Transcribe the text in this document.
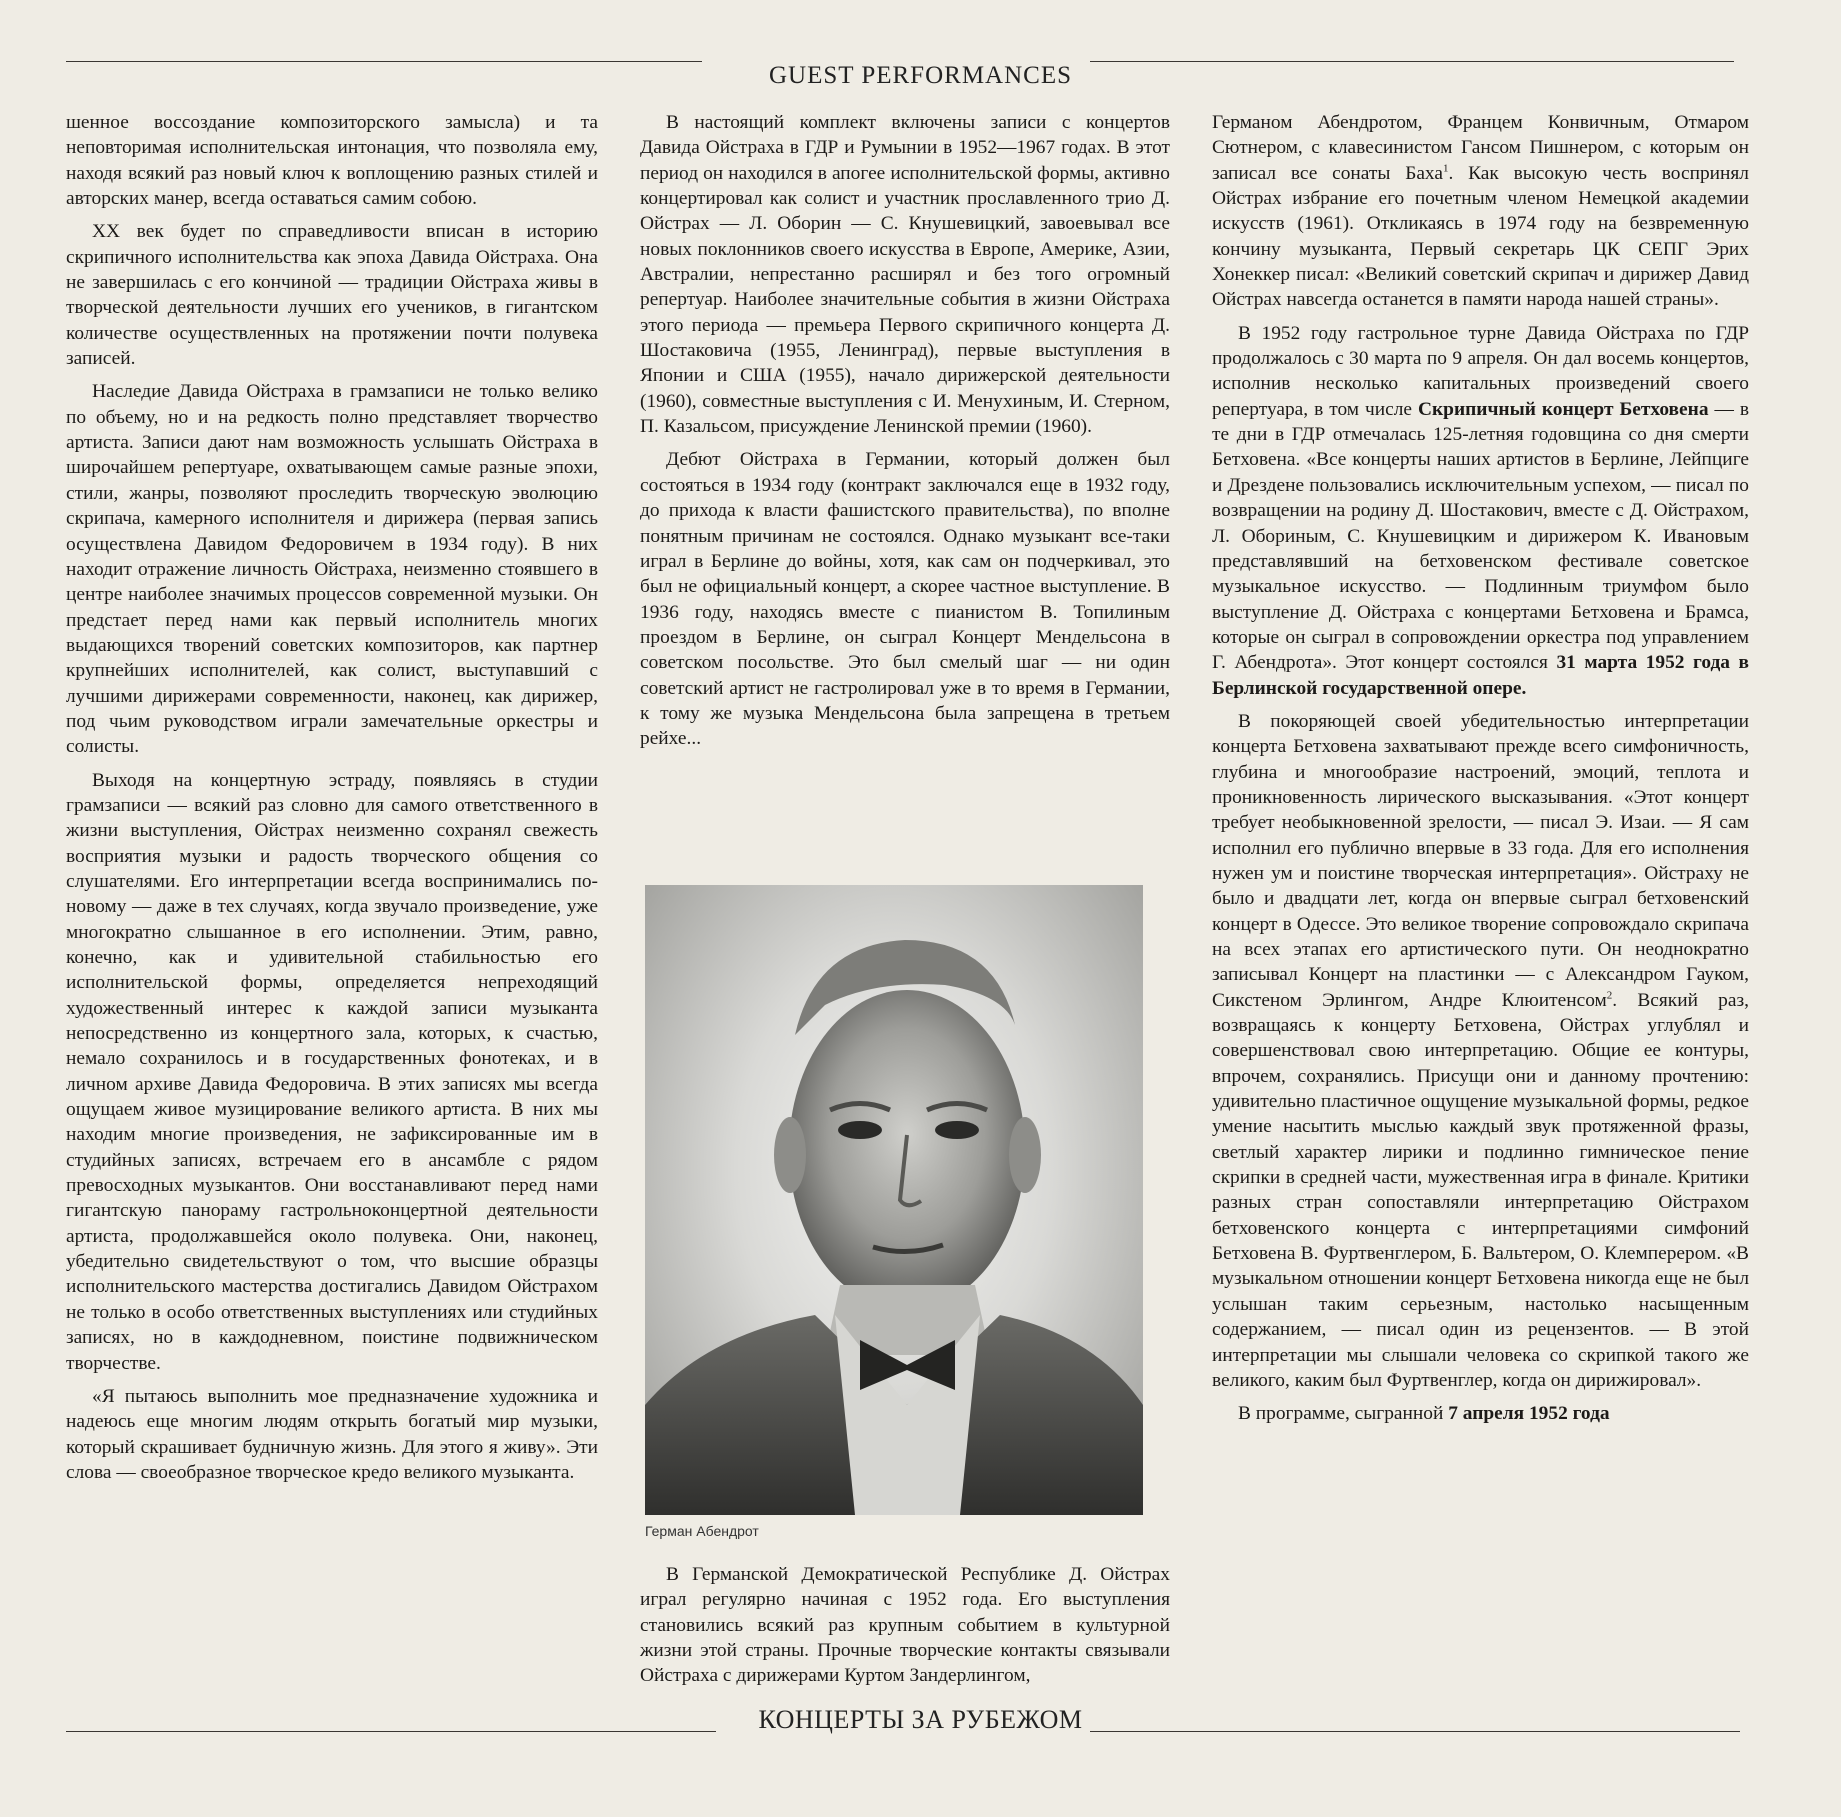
GUEST PERFORMANCES

шенное воссоздание композиторского замысла) и та неповторимая исполнительская интонация, что позволяла ему, находя всякий раз новый ключ к воплощению разных стилей и авторских манер, всегда оставаться самим собою.

XX век будет по справедливости вписан в историю скрипичного исполнительства как эпоха Давида Ойстраха. Она не завершилась с его кончиной — традиции Ойстраха живы в творческой деятельности лучших его учеников, в гигантском количестве осуществленных на протяжении почти полувека записей.

Наследие Давида Ойстраха в грамзаписи не только велико по объему, но и на редкость полно представляет творчество артиста. Записи дают нам возможность услышать Ойстраха в широчайшем репертуаре, охватывающем самые разные эпохи, стили, жанры, позволяют проследить творческую эволюцию скрипача, камерного исполнителя и дирижера (первая запись осуществлена Давидом Федоровичем в 1934 году). В них находит отражение личность Ойстраха, неизменно стоявшего в центре наиболее значимых процессов современной музыки. Он предстает перед нами как первый исполнитель многих выдающихся творений советских композиторов, как партнер крупнейших исполнителей, как солист, выступавший с лучшими дирижерами современности, наконец, как дирижер, под чьим руководством играли замечательные оркестры и солисты.

Выходя на концертную эстраду, появляясь в студии грамзаписи — всякий раз словно для самого ответственного в жизни выступления, Ойстрах неизменно сохранял свежесть восприятия музыки и радость творческого общения со слушателями. Его интерпретации всегда воспринимались по-новому — даже в тех случаях, когда звучало произведение, уже многократно слышанное в его исполнении. Этим, равно, конечно, как и удивительной стабильностью его исполнительской формы, определяется непреходящий художественный интерес к каждой записи музыканта непосредственно из концертного зала, которых, к счастью, немало сохранилось и в государственных фонотеках, и в личном архиве Давида Федоровича. В этих записях мы всегда ощущаем живое музицирование великого артиста. В них мы находим многие произведения, не зафиксированные им в студийных записях, встречаем его в ансамбле с рядом превосходных музыкантов. Они восстанавливают перед нами гигантскую панораму гастрольноконцертной деятельности артиста, продолжавшейся около полувека. Они, наконец, убедительно свидетельствуют о том, что высшие образцы исполнительского мастерства достигались Давидом Ойстрахом не только в особо ответственных выступлениях или студийных записях, но в каждодневном, поистине подвижническом творчестве.

«Я пытаюсь выполнить мое предназначение художника и надеюсь еще многим людям открыть богатый мир музыки, который скрашивает будничную жизнь. Для этого я живу». Эти слова — своеобразное творческое кредо великого музыканта.

В настоящий комплект включены записи с концертов Давида Ойстраха в ГДР и Румынии в 1952—1967 годах. В этот период он находился в апогее исполнительской формы, активно концертировал как солист и участник прославленного трио Д. Ойстрах — Л. Оборин — С. Кнушевицкий, завоевывал все новых поклонников своего искусства в Европе, Америке, Азии, Австралии, непрестанно расширял и без того огромный репертуар. Наиболее значительные события в жизни Ойстраха этого периода — премьера Первого скрипичного концерта Д. Шостаковича (1955, Ленинград), первые выступления в Японии и США (1955), начало дирижерской деятельности (1960), совместные выступления с И. Менухиным, И. Стерном, П. Казальсом, присуждение Ленинской премии (1960).

Дебют Ойстраха в Германии, который должен был состояться в 1934 году (контракт заключался еще в 1932 году, до прихода к власти фашистского правительства), по вполне понятным причинам не состоялся. Однако музыкант все-таки играл в Берлине до войны, хотя, как сам он подчеркивал, это был не официальный концерт, а скорее частное выступление. В 1936 году, находясь вместе с пианистом В. Топилиным проездом в Берлине, он сыграл Концерт Мендельсона в советском посольстве. Это был смелый шаг — ни один советский артист не гастролировал уже в то время в Германии, к тому же музыка Мендельсона была запрещена в третьем рейхе...

Герман Абендрот

В Германской Демократической Республике Д. Ойстрах играл регулярно начиная с 1952 года. Его выступления становились всякий раз крупным событием в культурной жизни этой страны. Прочные творческие контакты связывали Ойстраха с дирижерами Куртом Зандерлингом,

Германом Абендротом, Францем Конвичным, Отмаром Сютнером, с клавесинистом Гансом Пишнером, с которым он записал все сонаты Баха$^1$. Как высокую честь воспринял Ойстрах избрание его почетным членом Немецкой академии искусств (1961). Откликаясь в 1974 году на безвременную кончину музыканта, Первый секретарь ЦК СЕПГ Эрих Хонеккер писал: «Великий советский скрипач и дирижер Давид Ойстрах навсегда останется в памяти народа нашей страны».

В 1952 году гастрольное турне Давида Ойстраха по ГДР продолжалось с 30 марта по 9 апреля. Он дал восемь концертов, исполнив несколько капитальных произведений своего репертуара, в том числе Скрипичный концерт Бетховена — в те дни в ГДР отмечалась 125-летняя годовщина со дня смерти Бетховена. «Все концерты наших артистов в Берлине, Лейпциге и Дрездене пользовались исключительным успехом, — писал по возвращении на родину Д. Шостакович, вместе с Д. Ойстрахом, Л. Обориным, С. Кнушевицким и дирижером К. Ивановым представлявший на бетховенском фестивале советское музыкальное искусство. — Подлинным триумфом было выступление Д. Ойстраха с концертами Бетховена и Брамса, которые он сыграл в сопровождении оркестра под управлением Г. Абендрота». Этот концерт состоялся 31 марта 1952 года в Берлинской государственной опере.

В покоряющей своей убедительностью интерпретации концерта Бетховена захватывают прежде всего симфоничность, глубина и многообразие настроений, эмоций, теплота и проникновенность лирического высказывания. «Этот концерт требует необыкновенной зрелости, — писал Э. Изаи. — Я сам исполнил его публично впервые в 33 года. Для его исполнения нужен ум и поистине творческая интерпретация». Ойстраху не было и двадцати лет, когда он впервые сыграл бетховенский концерт в Одессе. Это великое творение сопровождало скрипача на всех этапах его артистического пути. Он неоднократно записывал Концерт на пластинки — с Александром Гауком, Сикстеном Эрлингом, Андре Клюитенсом$^2$. Всякий раз, возвращаясь к концерту Бетховена, Ойстрах углублял и совершенствовал свою интерпретацию. Общие ее контуры, впрочем, сохранялись. Присущи они и данному прочтению: удивительно пластичное ощущение музыкальной формы, редкое умение насытить мыслью каждый звук протяженной фразы, светлый характер лирики и подлинно гимническое пение скрипки в средней части, мужественная игра в финале. Критики разных стран сопоставляли интерпретацию Ойстрахом бетховенского концерта с интерпретациями симфоний Бетховена В. Фуртвенглером, Б. Вальтером, О. Клемперером. «В музыкальном отношении концерт Бетховена никогда еще не был услышан таким серьезным, настолько насыщенным содержанием, — писал один из рецензентов. — В этой интерпретации мы слышали человека со скрипкой такого же великого, каким был Фуртвенглер, когда он дирижировал».

В программе, сыгранной 7 апреля 1952 года

КОНЦЕРТЫ ЗА РУБЕЖОМ
